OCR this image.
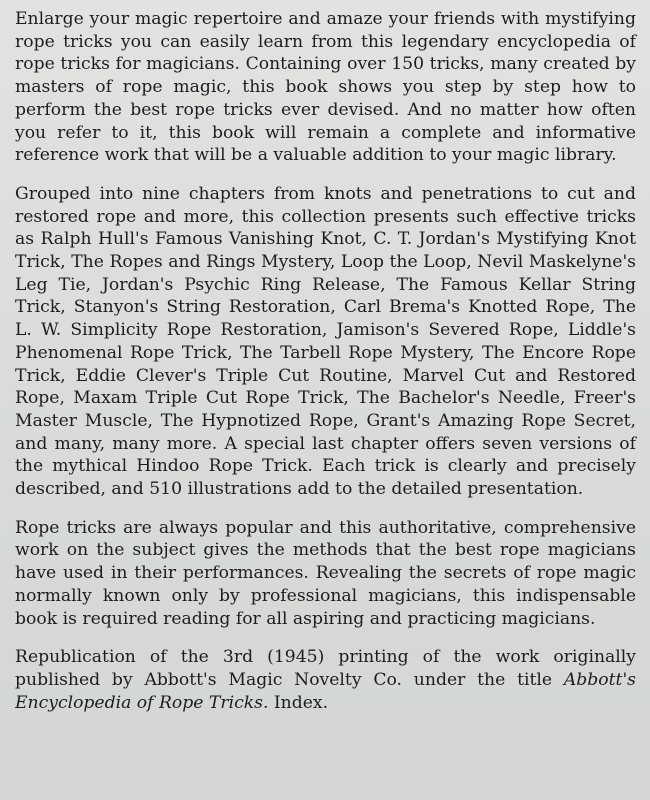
Enlarge your magic repertoire and amaze your friends with mystifying rope tricks you can easily learn from this legendary encyclopedia of rope tricks for magicians. Containing over 150 tricks, many created by masters of rope magic, this book shows you step by step how to perform the best rope tricks ever devised. And no matter how often you refer to it, this book will remain a complete and informative reference work that will be a valuable addition to your magic library.

Grouped into nine chapters from knots and penetrations to cut and restored rope and more, this collection presents such effective tricks as Ralph Hull's Famous Vanishing Knot, C. T. Jordan's Mystifying Knot Trick, The Ropes and Rings Mystery, Loop the Loop, Nevil Maskelyne's Leg Tie, Jordan's Psychic Ring Release, The Famous Kellar String Trick, Stanyon's String Restoration, Carl Brema's Knotted Rope, The L. W. Simplicity Rope Restoration, Jamison's Severed Rope, Liddle's Phenomenal Rope Trick, The Tarbell Rope Mystery, The Encore Rope Trick, Eddie Clever's Triple Cut Routine, Marvel Cut and Restored Rope, Maxam Triple Cut Rope Trick, The Bachelor's Needle, Freer's Master Muscle, The Hypnotized Rope, Grant's Amazing Rope Secret, and many, many more. A special last chapter offers seven versions of the mythical Hindoo Rope Trick. Each trick is clearly and precisely described, and 510 illustrations add to the detailed presentation.

Rope tricks are always popular and this authoritative, comprehensive work on the subject gives the methods that the best rope magicians have used in their performances. Revealing the secrets of rope magic normally known only by professional magicians, this indispensable book is required reading for all aspiring and practicing magicians.

Republication of the 3rd (1945) printing of the work originally published by Abbott's Magic Novelty Co. under the title Abbott's Encyclopedia of Rope Tricks. Index.
